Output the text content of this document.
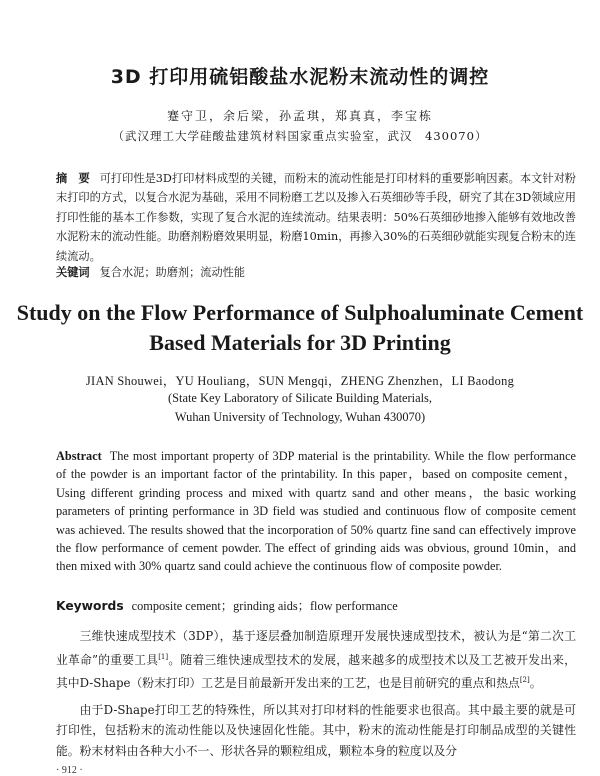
3D 打印用硫铝酸盐水泥粉末流动性的调控
蹇守卫，余后梁，孙孟琪，郑真真，李宝栋
（武汉理工大学硅酸盐建筑材料国家重点实验室，武汉　430070）
摘　要 可打印性是3D打印材料成型的关键，而粉末的流动性能是打印材料的重要影响因素。本文针对粉末打印的方式，以复合水泥为基础，采用不同粉磨工艺以及掺入石英细砂等手段，研究了其在3D领域应用打印性能的基本工作参数，实现了复合水泥的连续流动。结果表明：50%石英细砂地掺入能够有效地改善水泥粉末的流动性能。助磨剂粉磨效果明显，粉磨10min，再掺入30%的石英细砂就能实现复合粉末的连续流动。
关键词 复合水泥；助磨剂；流动性能
Study on the Flow Performance of Sulphoaluminate Cement Based Materials for 3D Printing
JIAN Shouwei，YU Houliang，SUN Mengqi，ZHENG Zhenzhen，LI Baodong
(State Key Laboratory of Silicate Building Materials,
Wuhan University of Technology, Wuhan 430070)
Abstract The most important property of 3DP material is the printability. While the flow performance of the powder is an important factor of the printability. In this paper，based on composite cement，Using different grinding process and mixed with quartz sand and other means，the basic working parameters of printing performance in 3D field was studied and continuous flow of composite cement was achieved. The results showed that the incorporation of 50% quartz fine sand can effectively improve the flow performance of cement powder. The effect of grinding aids was obvious, ground 10min，and then mixed with 30% quartz sand could achieve the continuous flow of composite powder.
Keywords composite cement；grinding aids；flow performance

三维快速成型技术（3DP），基于逐层叠加制造原理开发展快速成型技术，被认为是“第二次工业革命”的重要工具[1]。随着三维快速成型技术的发展，越来越多的成型技术以及工艺被开发出来，其中D-Shape（粉末打印）工艺是目前最新开发出来的工艺，也是目前研究的重点和热点[2]。

由于D-Shape打印工艺的特殊性，所以其对打印材料的性能要求也很高。其中最主要的就是可打印性，包括粉末的流动性能以及快速固化性能。其中，粉末的流动性能是打印制品成型的关键性能。粉末材料由各种大小不一、形状各异的颗粒组成，颗粒本身的粒度以及分

· 912 ·
